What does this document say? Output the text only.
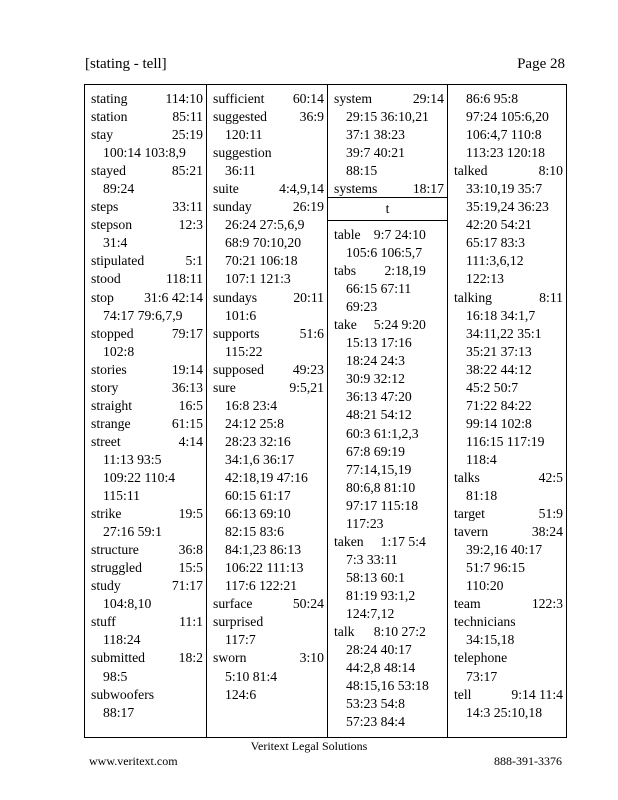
[stating - tell]	Page 28
stating	114:10
station	85:11
stay	25:19
100:14 103:8,9
stayed	85:21
89:24
steps	33:11
stepson	12:3
31:4
stipulated	5:1
stood	118:11
stop	31:6 42:14
74:17 79:6,7,9
stopped	79:17
102:8
stories	19:14
story	36:13
straight	16:5
strange	61:15
street	4:14
11:13 93:5
109:22 110:4
115:11
strike	19:5
27:16 59:1
structure	36:8
struggled	15:5
study	71:17
104:8,10
stuff	11:1
118:24
submitted	18:2
98:5
subwoofers
88:17
sufficient	60:14
suggested	36:9
120:11
suggestion
36:11
suite	4:4,9,14
sunday	26:19
26:24 27:5,6,9
68:9 70:10,20
70:21 106:18
107:1 121:3
sundays	20:11
101:6
supports	51:6
115:22
supposed	49:23
sure	9:5,21
16:8 23:4
24:12 25:8
28:23 32:16
34:1,6 36:17
42:18,19 47:16
60:15 61:17
66:13 69:10
82:15 83:6
84:1,23 86:13
106:22 111:13
117:6 122:21
surface	50:24
surprised
117:7
sworn	3:10
5:10 81:4
124:6
system	29:14
29:15 36:10,21
37:1 38:23
39:7 40:21
88:15
systems	18:17
t
table 9:7 24:10
105:6 106:5,7
tabs	2:18,19
66:15 67:11
69:23
take	5:24 9:20
15:13 17:16
18:24 24:3
30:9 32:12
36:13 47:20
48:21 54:12
60:3 61:1,2,3
67:8 69:19
77:14,15,19
80:6,8 81:10
97:17 115:18
117:23
taken	1:17 5:4
7:3 33:11
58:13 60:1
81:19 93:1,2
124:7,12
talk	8:10 27:2
28:24 40:17
44:2,8 48:14
48:15,16 53:18
53:23 54:8
57:23 84:4
86:6 95:8
97:24 105:6,20
106:4,7 110:8
113:23 120:18
talked	8:10
33:10,19 35:7
35:19,24 36:23
42:20 54:21
65:17 83:3
111:3,6,12
122:13
talking	8:11
16:18 34:1,7
34:11,22 35:1
35:21 37:13
38:22 44:12
45:2 50:7
71:22 84:22
99:14 102:8
116:15 117:19
118:4
talks	42:5
81:18
target	51:9
tavern	38:24
39:2,16 40:17
51:7 96:15
110:20
team	122:3
technicians
34:15,18
telephone
73:17
tell	9:14 11:4
14:3 25:10,18
Veritext Legal Solutions
www.veritext.com	888-391-3376
